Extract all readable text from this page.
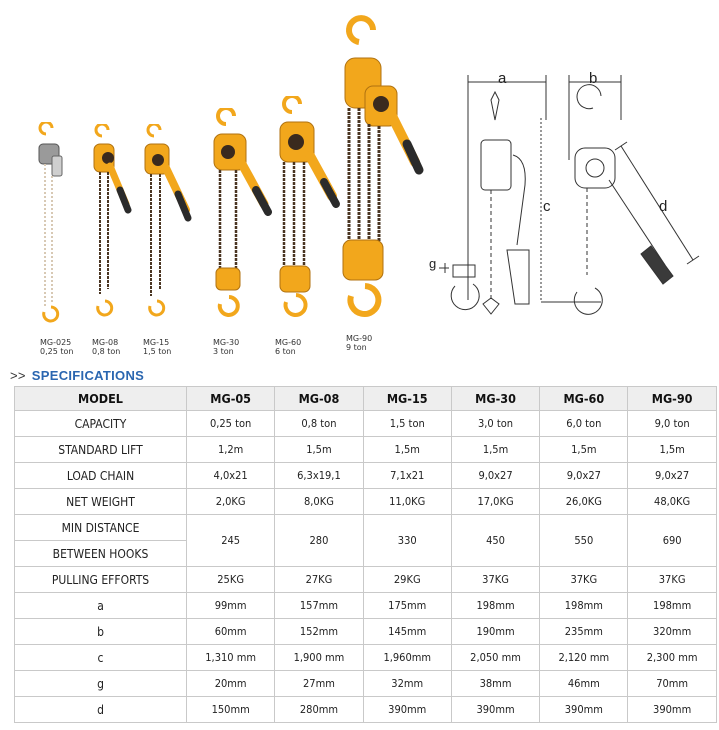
MG-025
0,25 ton
MG-08
0,8 ton
MG-15
1,5 ton
MG-30
3 ton
MG-60
6 ton
MG-90
9 ton
a	b
c	d
g
>> SPECIFICATIONS
MODEL	MG-05	MG-08	MG-15	MG-30	MG-60	MG-90
CAPACITY	0,25 ton	0,8 ton	1,5 ton	3,0 ton	6,0 ton	9,0 ton
STANDARD LIFT	1,2m	1,5m	1,5m	1,5m	1,5m	1,5m
LOAD CHAIN	4,0x21	6,3x19,1	7,1x21	9,0x27	9,0x27	9,0x27
NET WEIGHT	2,0KG	8,0KG	11,0KG	17,0KG	26,0KG	48,0KG
MIN DISTANCE	245	280	330	450	550	690
BETWEEN HOOKS						
PULLING EFFORTS	25KG	27KG	29KG	37KG	37KG	37KG
a	99mm	157mm	175mm	198mm	198mm	198mm
b	60mm	152mm	145mm	190mm	235mm	320mm
c	1,310 mm	1,900 mm	1,960mm	2,050 mm	2,120 mm	2,300 mm
g	20mm	27mm	32mm	38mm	46mm	70mm
d	150mm	280mm	390mm	390mm	390mm	390mm
